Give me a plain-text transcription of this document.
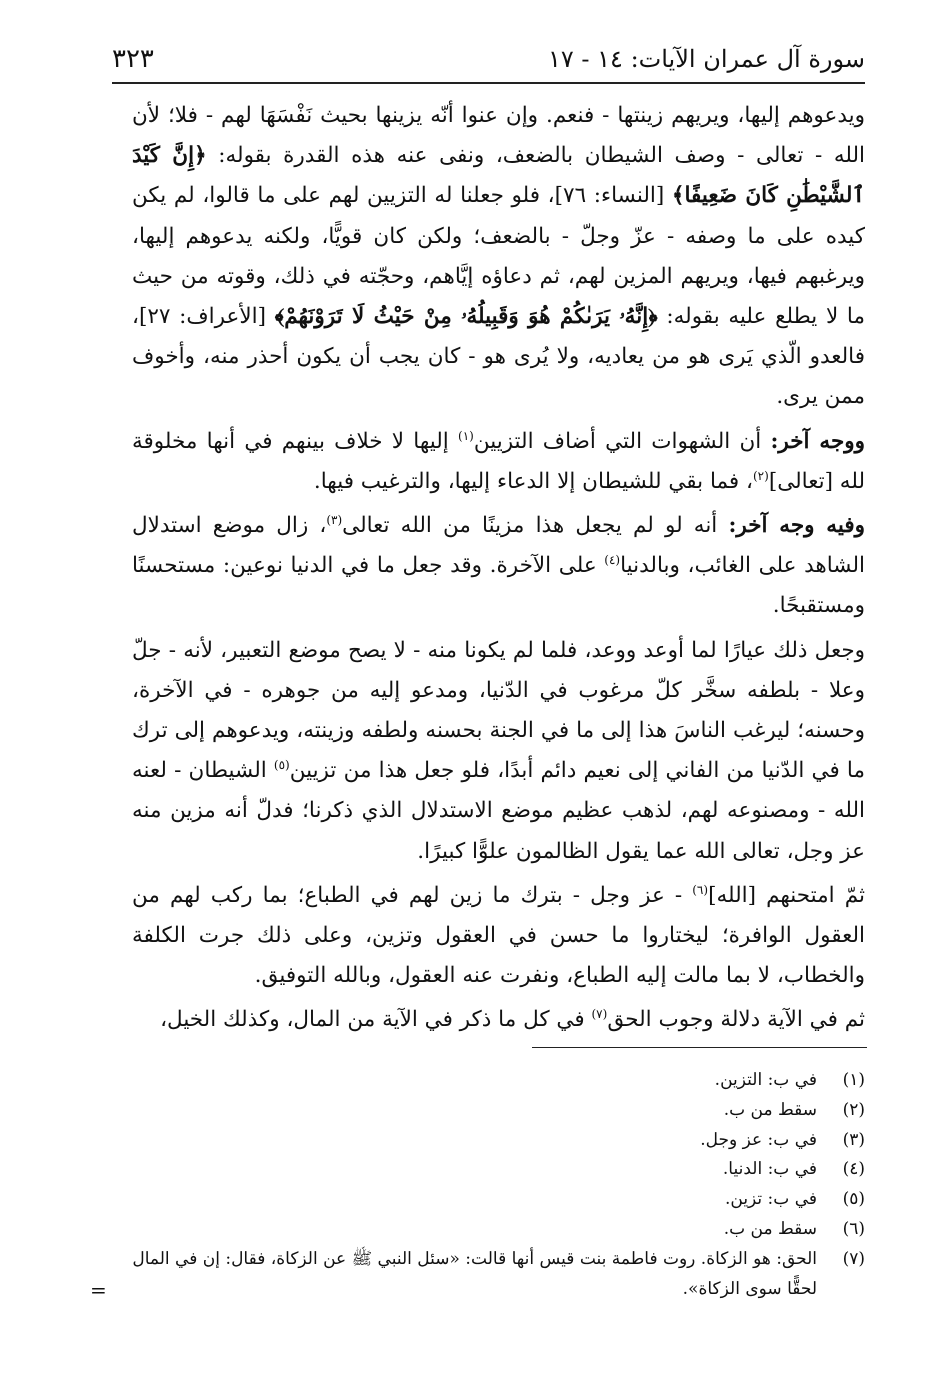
سورة آل عمران الآيات: ١٤ - ١٧
٣٢٣

ويدعوهم إليها، ويريهم زينتها - فنعم. وإن عنوا أنّه يزينها بحيث نَفْسَهَا لهم - فلا؛ لأن الله - تعالى - وصف الشيطان بالضعف، ونفى عنه هذه القدرة بقوله: ﴿إِنَّ كَيْدَ ٱلشَّيْطَٰنِ كَانَ ضَعِيفًا﴾ [النساء: ٧٦]، فلو جعلنا له التزيين لهم على ما قالوا، لم يكن كيده على ما وصفه - عزّ وجلّ - بالضعف؛ ولكن كان قويًّا، ولكنه يدعوهم إليها، ويرغبهم فيها، ويريهم المزين لهم، ثم دعاؤه إيَّاهم، وحجّته في ذلك، وقوته من حيث ما لا يطلع عليه بقوله: ﴿إِنَّهُۥ يَرَىٰكُمْ هُوَ وَقَبِيلُهُۥ مِنْ حَيْثُ لَا تَرَوْنَهُمْ﴾ [الأعراف: ٢٧]، فالعدو الّذي يَرى هو من يعاديه، ولا يُرى هو - كان يجب أن يكون أحذر منه، وأخوف ممن يرى.

ووجه آخر: أن الشهوات التي أضاف التزيين$^{(١)}$ إليها لا خلاف بينهم في أنها مخلوقة لله [تعالى]$^{(٢)}$، فما بقي للشيطان إلا الدعاء إليها، والترغيب فيها.

وفيه وجه آخر: أنه لو لم يجعل هذا مزينًا من الله تعالى$^{(٣)}$، زال موضع استدلال الشاهد على الغائب، وبالدنيا$^{(٤)}$ على الآخرة. وقد جعل ما في الدنيا نوعين: مستحسنًا ومستقبحًا.

وجعل ذلك عيارًا لما أوعد ووعد، فلما لم يكونا منه - لا يصح موضع التعبير، لأنه - جلّ وعلا - بلطفه سخَّر كلّ مرغوب في الدّنيا، ومدعو إليه من جوهره - في الآخرة، وحسنه؛ ليرغب الناسَ هذا إلى ما في الجنة بحسنه ولطفه وزينته، ويدعوهم إلى ترك ما في الدّنيا من الفاني إلى نعيم دائم أبدًا، فلو جعل هذا من تزيين$^{(٥)}$ الشيطان - لعنه الله - ومصنوعه لهم، لذهب عظيم موضع الاستدلال الذي ذكرنا؛ فدلّ أنه مزين منه عز وجل، تعالى الله عما يقول الظالمون علوًّا كبيرًا.

ثمّ امتحنهم [الله]$^{(٦)}$ - عز وجل - بترك ما زين لهم في الطباع؛ بما ركب لهم من العقول الوافرة؛ ليختاروا ما حسن في العقول وتزين، وعلى ذلك جرت الكلفة والخطاب، لا بما مالت إليه الطباع، ونفرت عنه العقول، وبالله التوفيق.

ثم في الآية دلالة وجوب الحق$^{(٧)}$ في كل ما ذكر في الآية من المال، وكذلك الخيل،

(١)
في ب: التزين.
(٢)
سقط من ب.
(٣)
في ب: عز وجل.
(٤)
في ب: الدنيا.
(٥)
في ب: تزين.
(٦)
سقط من ب.
(٧)
الحق: هو الزكاة. روت فاطمة بنت قيس أنها قالت: «سئل النبي ﷺ عن الزكاة، فقال: إن في المال لحقًّا سوى الزكاة».
=
